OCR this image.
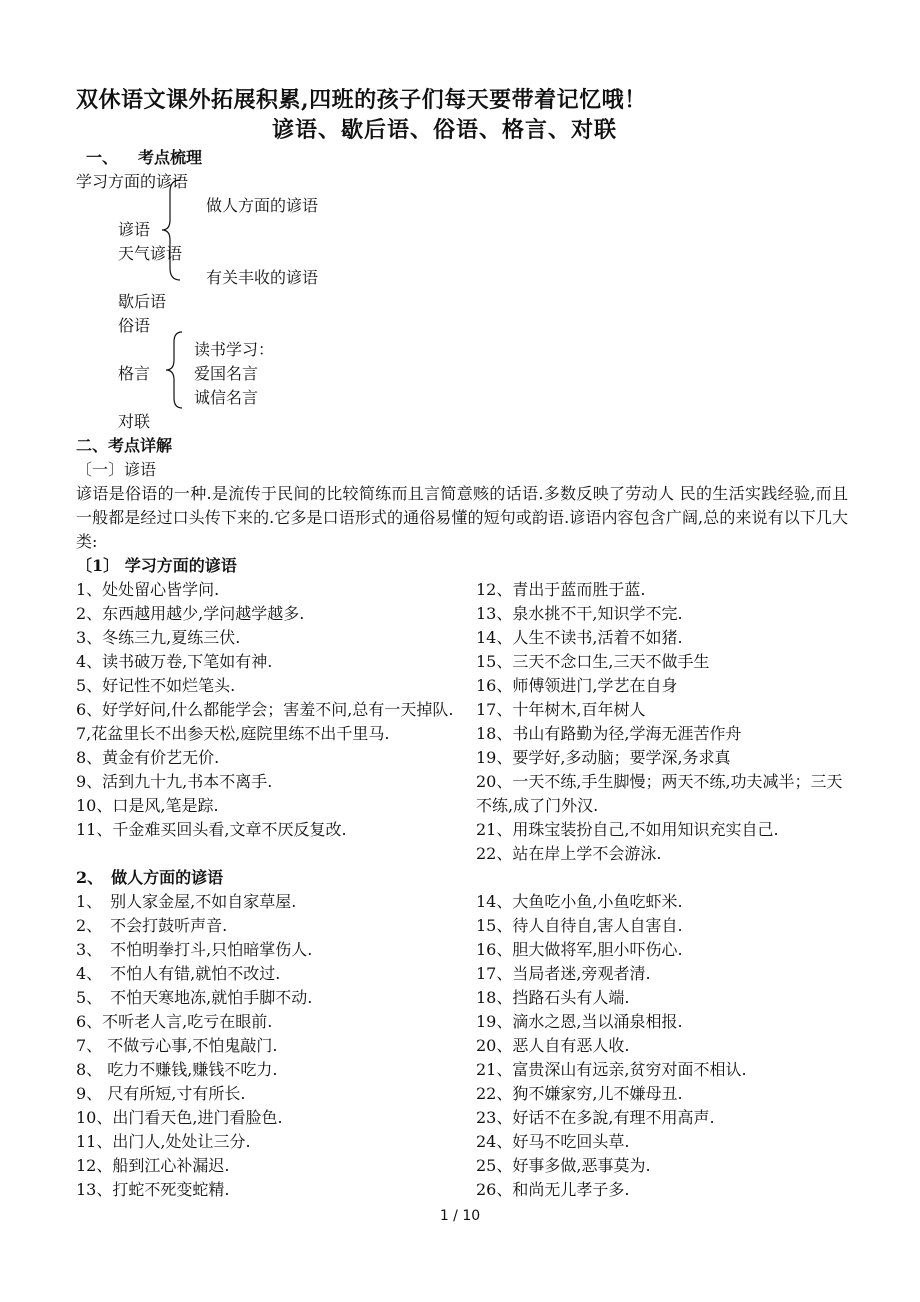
双休语文课外拓展积累,四班的孩子们每天要带着记忆哦！
谚语、歇后语、俗语、格言、对联
一、 考点梳理
学习方面的谚语
做人方面的谚语
谚语
天气谚语
有关丰收的谚语
歇后语
俗语
读书学习：
格言	爱国名言
诚信名言
对联
二、考点详解
〔一〕谚语
谚语是俗语的一种.是流传于民间的比较简练而且言简意赅的话语.多数反映了劳动人 民的生活实践经验,而且一般都是经过口头传下来的.它多是口语形式的通俗易懂的短句或韵语.谚语内容包含广阔,总的来说有以下几大类:
〔1〕 学习方面的谚语
1、处处留心皆学问.
2、东西越用越少,学问越学越多.
3、冬练三九,夏练三伏.
4、读书破万卷,下笔如有神.
5、好记性不如烂笔头.
6、好学好问,什么都能学会；害羞不问,总有一天掉队.
7,花盆里长不出参天松,庭院里练不出千里马.
8、黄金有价艺无价.
9、活到九十九,书本不离手.
10、口是风,笔是踪.
11、千金难买回头看,文章不厌反复改.
12、青出于蓝而胜于蓝.
13、泉水挑不干,知识学不完.
14、人生不读书,活着不如猪.
15、三天不念口生,三天不做手生
16、师傅领进门,学艺在自身
17、十年树木,百年树人
18、书山有路勤为径,学海无涯苦作舟
19、要学好,多动脑；要学深,务求真
20、一天不练,手生脚慢；两天不练,功夫减半；三天不练,成了门外汉.
21、用珠宝装扮自己,不如用知识充实自己.
22、站在岸上学不会游泳.
2、　做人方面的谚语
1、　别人家金屋,不如自家草屋.
2、　不会打鼓听声音.
3、　不怕明拳打斗,只怕暗掌伤人.
4、　不怕人有错,就怕不改过.
5、　不怕天寒地冻,就怕手脚不动.
6、不听老人言,吃亏在眼前.
7、 不做亏心事,不怕鬼敲门.
8、 吃力不赚钱,赚钱不吃力.
9、 尺有所短,寸有所长.
10、出门看天色,进门看脸色.
11、出门人,处处让三分.
12、船到江心补漏迟.
13、打蛇不死变蛇精.
14、大鱼吃小鱼,小鱼吃虾米.
15、待人自待自,害人自害自.
16、胆大做将军,胆小吓伤心.
17、当局者迷,旁观者清.
18、挡路石头有人端.
19、滴水之恩,当以涌泉相报.
20、恶人自有恶人收.
21、富贵深山有远亲,贫穷对面不相认.
22、狗不嫌家穷,儿不嫌母丑.
23、好话不在多說,有理不用高声.
24、好马不吃回头草.
25、好事多做,恶事莫为.
26、和尚无儿孝子多.
1 / 10
